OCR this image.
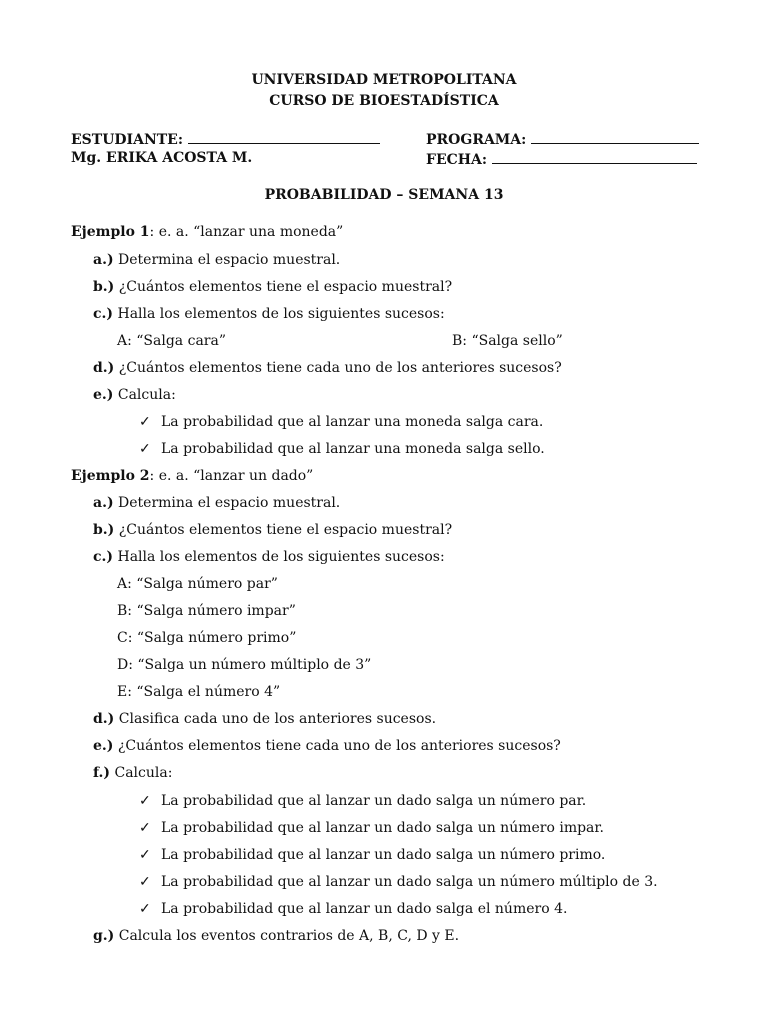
UNIVERSIDAD METROPOLITANA
CURSO DE BIOESTADÍSTICA
ESTUDIANTE:	PROGRAMA:
Mg. ERIKA ACOSTA M.	FECHA:
PROBABILIDAD – SEMANA 13
Ejemplo 1: e. a. “lanzar una moneda”
a.) Determina el espacio muestral.
b.) ¿Cuántos elementos tiene el espacio muestral?
c.) Halla los elementos de los siguientes sucesos:
A: “Salga cara”	B: “Salga sello”
d.) ¿Cuántos elementos tiene cada uno de los anteriores sucesos?
e.) Calcula:
✓ La probabilidad que al lanzar una moneda salga cara.
✓ La probabilidad que al lanzar una moneda salga sello.
Ejemplo 2: e. a. “lanzar un dado”
a.) Determina el espacio muestral.
b.) ¿Cuántos elementos tiene el espacio muestral?
c.) Halla los elementos de los siguientes sucesos:
A: “Salga número par”
B: “Salga número impar”
C: “Salga número primo”
D: “Salga un número múltiplo de 3”
E: “Salga el número 4”
d.) Clasifica cada uno de los anteriores sucesos.
e.) ¿Cuántos elementos tiene cada uno de los anteriores sucesos?
f.) Calcula:
✓ La probabilidad que al lanzar un dado salga un número par.
✓ La probabilidad que al lanzar un dado salga un número impar.
✓ La probabilidad que al lanzar un dado salga un número primo.
✓ La probabilidad que al lanzar un dado salga un número múltiplo de 3.
✓ La probabilidad que al lanzar un dado salga el número 4.
g.) Calcula los eventos contrarios de A, B, C, D y E.
